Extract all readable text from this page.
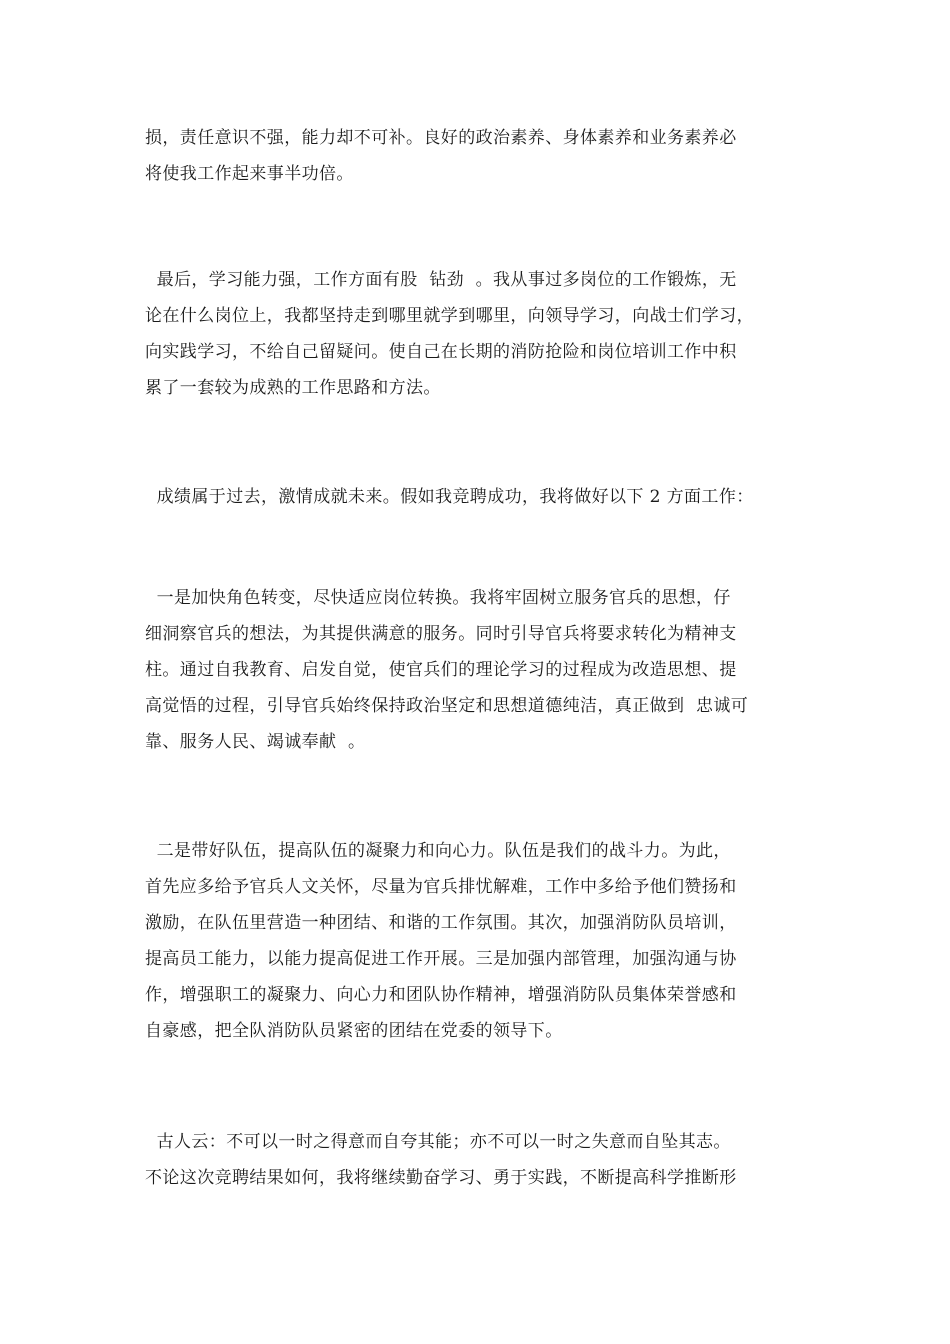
损，责任意识不强，能力却不可补。良好的政治素养、身体素养和业务素养必
将使我工作起来事半功倍。
最后，学习能力强，工作方面有股  钻劲  。我从事过多岗位的工作锻炼，无
论在什么岗位上，我都坚持走到哪里就学到哪里，向领导学习，向战士们学习，
向实践学习，不给自己留疑问。使自己在长期的消防抢险和岗位培训工作中积
累了一套较为成熟的工作思路和方法。
成绩属于过去，激情成就未来。假如我竞聘成功，我将做好以下 2 方面工作：
一是加快角色转变，尽快适应岗位转换。我将牢固树立服务官兵的思想，仔
细洞察官兵的想法，为其提供满意的服务。同时引导官兵将要求转化为精神支
柱。通过自我教育、启发自觉，使官兵们的理论学习的过程成为改造思想、提
高觉悟的过程，引导官兵始终保持政治坚定和思想道德纯洁，真正做到  忠诚可
靠、服务人民、竭诚奉献  。
二是带好队伍，提高队伍的凝聚力和向心力。队伍是我们的战斗力。为此，
首先应多给予官兵人文关怀，尽量为官兵排忧解难，工作中多给予他们赞扬和
激励，在队伍里营造一种团结、和谐的工作氛围。其次，加强消防队员培训，
提高员工能力，以能力提高促进工作开展。三是加强内部管理，加强沟通与协
作，增强职工的凝聚力、向心力和团队协作精神，增强消防队员集体荣誉感和
自豪感，把全队消防队员紧密的团结在党委的领导下。
古人云：不可以一时之得意而自夸其能；亦不可以一时之失意而自坠其志。
不论这次竞聘结果如何，我将继续勤奋学习、勇于实践，不断提高科学推断形
